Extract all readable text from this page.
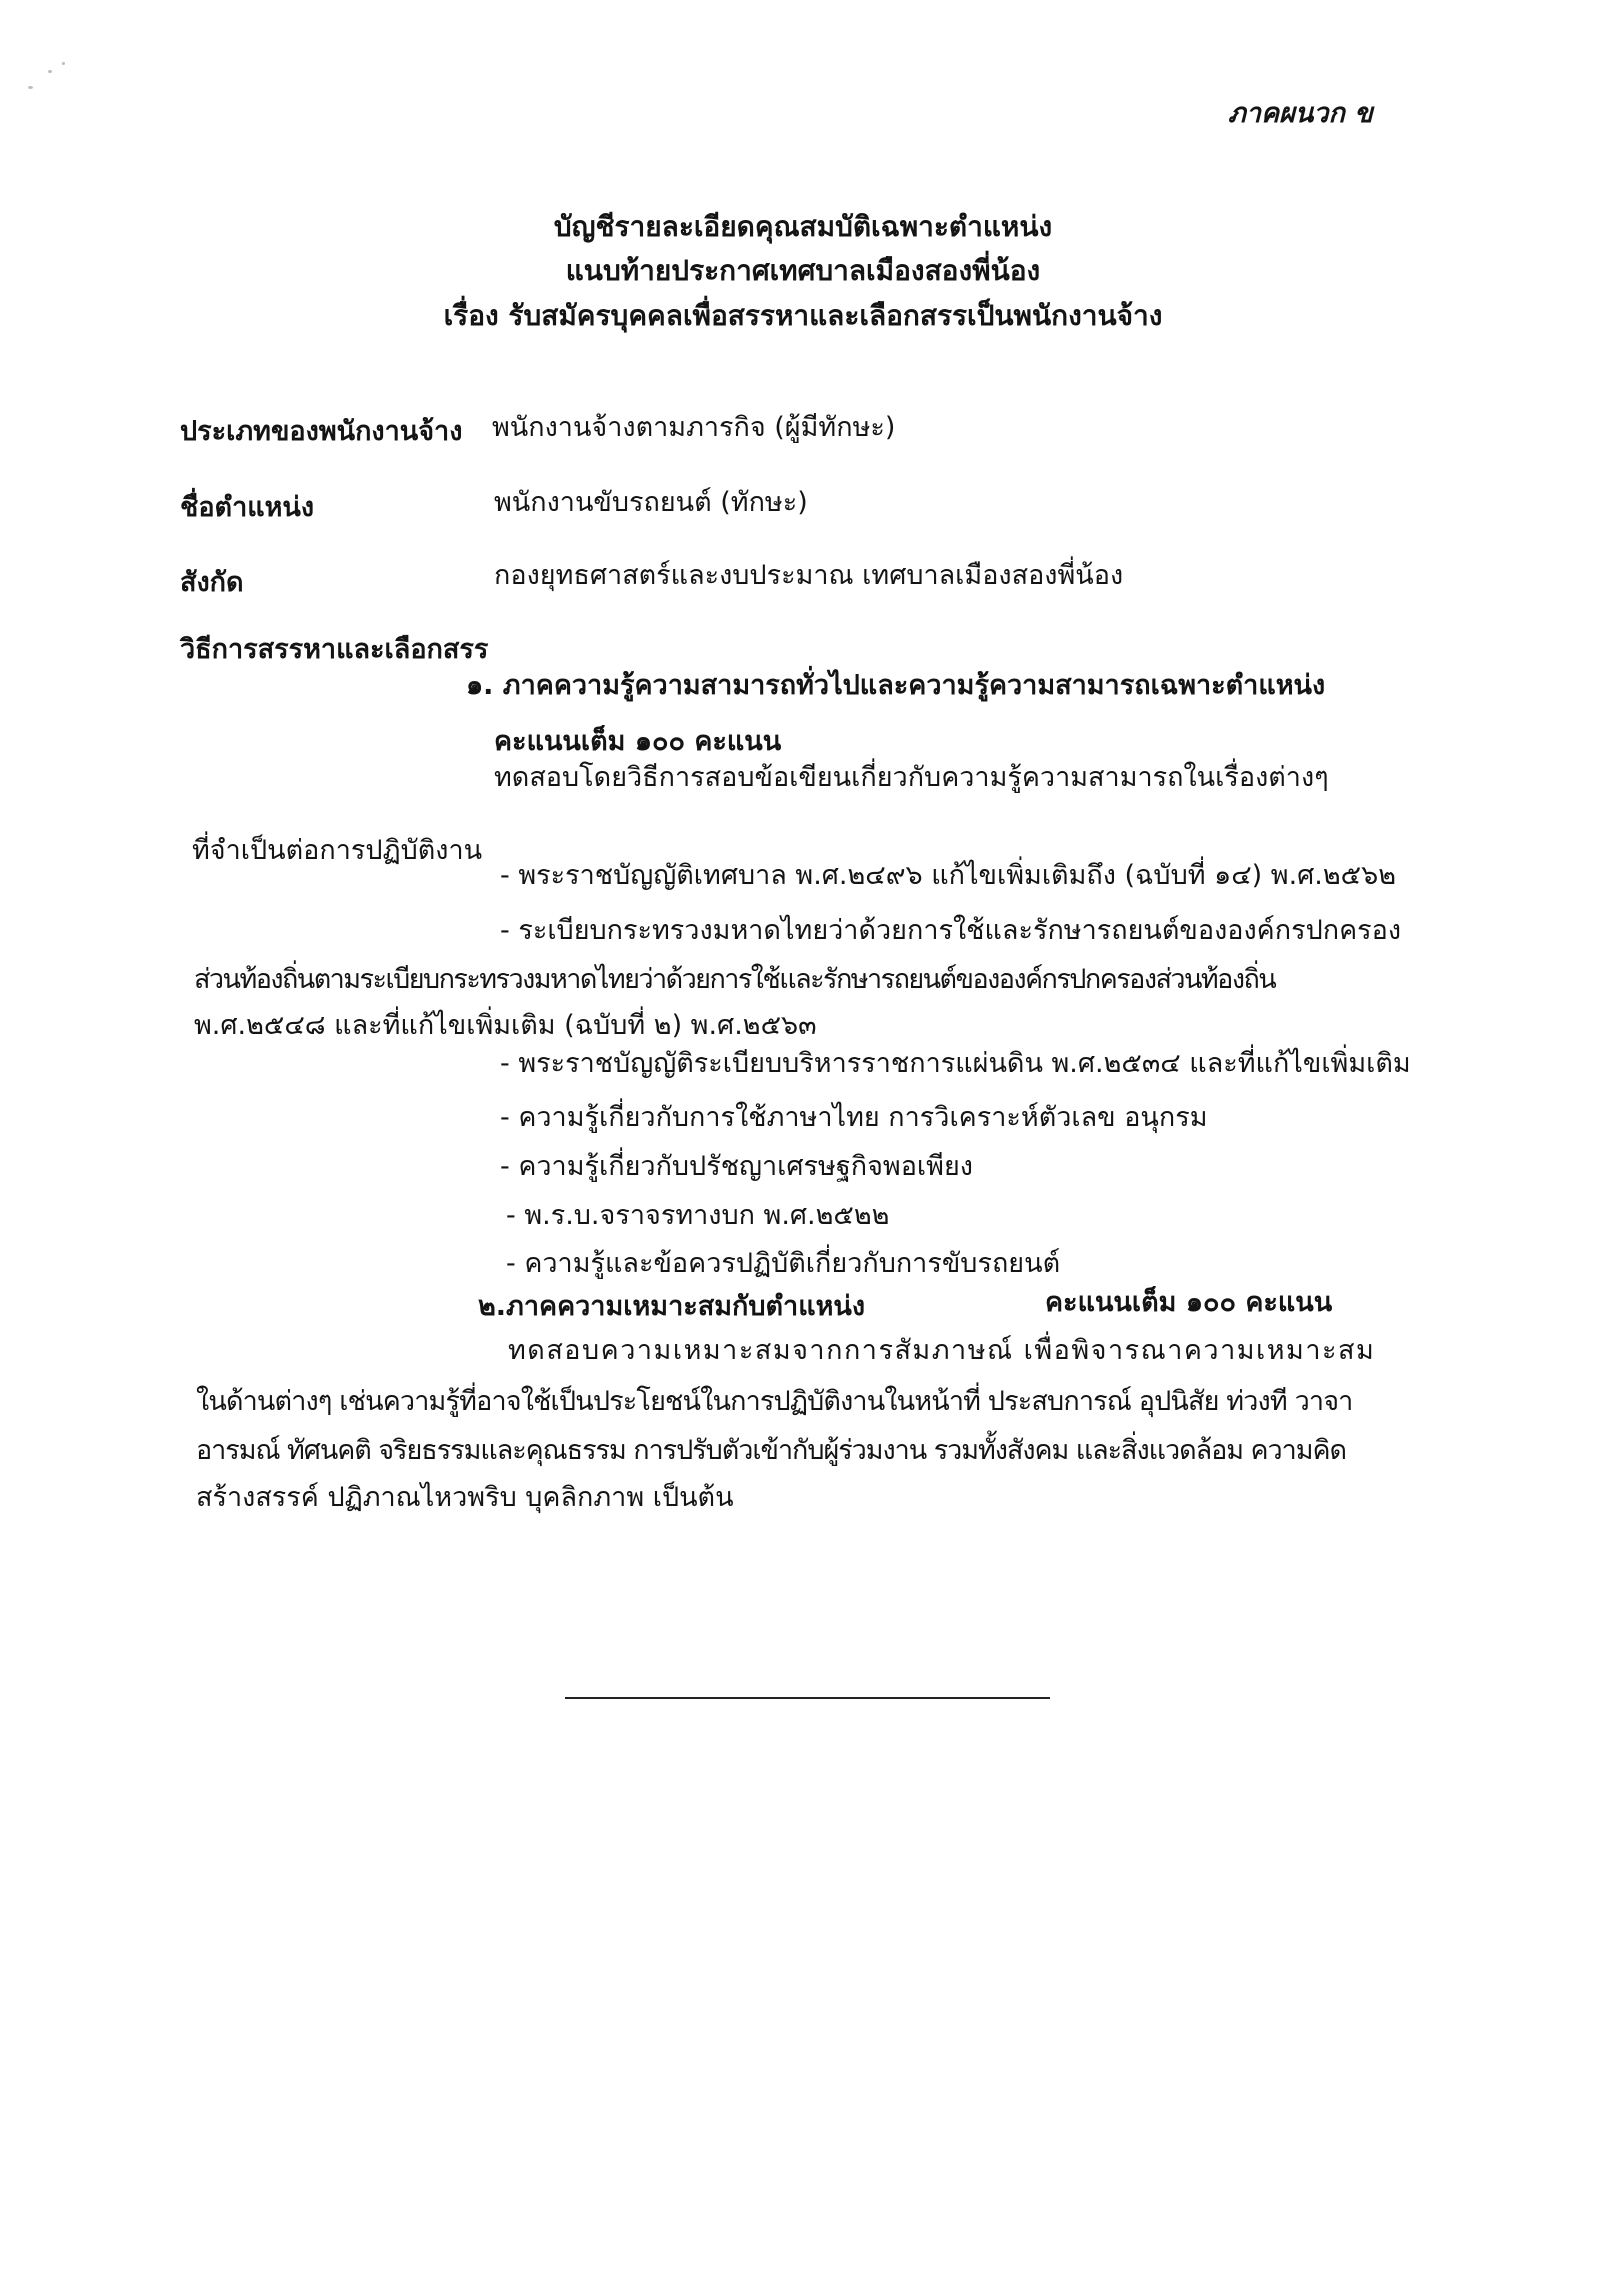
ภาคผนวก ข
บัญชีรายละเอียดคุณสมบัติเฉพาะตำแหน่ง
แนบท้ายประกาศเทศบาลเมืองสองพี่น้อง
เรื่อง รับสมัครบุคคลเพื่อสรรหาและเลือกสรรเป็นพนักงานจ้าง
ประเภทของพนักงานจ้าง พนักงานจ้างตามภารกิจ (ผู้มีทักษะ)
ชื่อตำแหน่ง	พนักงานขับรถยนต์ (ทักษะ)
สังกัด	กองยุทธศาสตร์และงบประมาณ เทศบาลเมืองสองพี่น้อง
วิธีการสรรหาและเลือกสรร
๑. ภาคความรู้ความสามารถทั่วไปและความรู้ความสามารถเฉพาะตำแหน่ง
คะแนนเต็ม ๑๐๐ คะแนน
ทดสอบโดยวิธีการสอบข้อเขียนเกี่ยวกับความรู้ความสามารถในเรื่องต่างๆ
ที่จำเป็นต่อการปฏิบัติงาน
- พระราชบัญญัติเทศบาล พ.ศ.๒๔๙๖ แก้ไขเพิ่มเติมถึง (ฉบับที่ ๑๔) พ.ศ.๒๕๖๒
- ระเบียบกระทรวงมหาดไทยว่าด้วยการใช้และรักษารถยนต์ขององค์กรปกครอง
ส่วนท้องถิ่นตามระเบียบกระทรวงมหาดไทยว่าด้วยการใช้และรักษารถยนต์ขององค์กรปกครองส่วนท้องถิ่น
พ.ศ.๒๕๔๘ และที่แก้ไขเพิ่มเติม (ฉบับที่ ๒) พ.ศ.๒๕๖๓
- พระราชบัญญัติระเบียบบริหารราชการแผ่นดิน พ.ศ.๒๕๓๔ และที่แก้ไขเพิ่มเติม
- ความรู้เกี่ยวกับการใช้ภาษาไทย การวิเคราะห์ตัวเลข อนุกรม
- ความรู้เกี่ยวกับปรัชญาเศรษฐกิจพอเพียง
- พ.ร.บ.จราจรทางบก พ.ศ.๒๕๒๒
- ความรู้และข้อควรปฏิบัติเกี่ยวกับการขับรถยนต์
๒.ภาคความเหมาะสมกับตำแหน่ง	คะแนนเต็ม ๑๐๐ คะแนน
ทดสอบความเหมาะสมจากการสัมภาษณ์ เพื่อพิจารณาความเหมาะสม
ในด้านต่างๆ เช่นความรู้ที่อาจใช้เป็นประโยชน์ในการปฏิบัติงานในหน้าที่ ประสบการณ์ อุปนิสัย ท่วงที วาจา
อารมณ์ ทัศนคติ จริยธรรมและคุณธรรม การปรับตัวเข้ากับผู้ร่วมงาน รวมทั้งสังคม และสิ่งแวดล้อม ความคิด
สร้างสรรค์ ปฏิภาณไหวพริบ บุคลิกภาพ เป็นต้น
